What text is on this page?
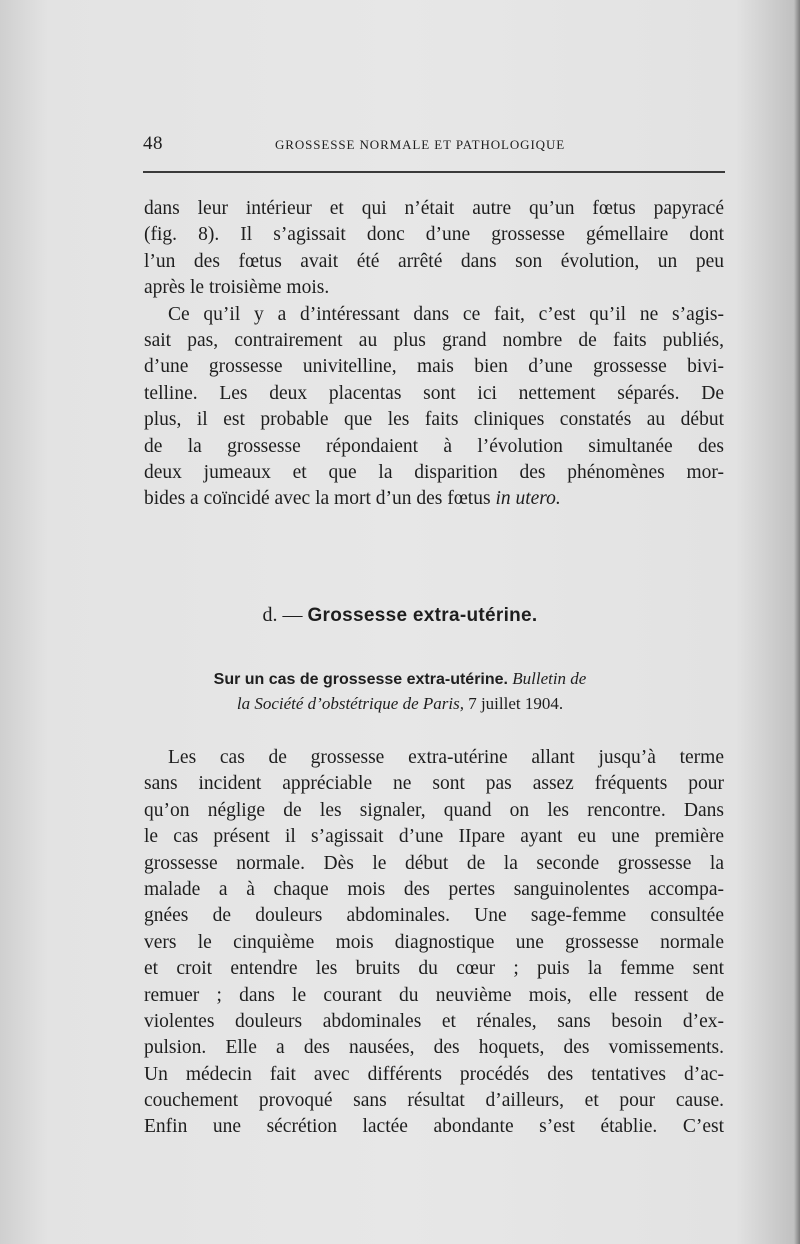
48	GROSSESSE NORMALE ET PATHOLOGIQUE
dans leur intérieur et qui n’était autre qu’un fœtus papyracé
(fig. 8). Il s’agissait donc d’une grossesse gémellaire dont
l’un des fœtus avait été arrêté dans son évolution, un peu
après le troisième mois.
Ce qu’il y a d’intéressant dans ce fait, c’est qu’il ne s’agis-
sait pas, contrairement au plus grand nombre de faits publiés,
d’une grossesse univitelline, mais bien d’une grossesse bivi-
telline. Les deux placentas sont ici nettement séparés. De
plus, il est probable que les faits cliniques constatés au début
de la grossesse répondaient à l’évolution simultanée des
deux jumeaux et que la disparition des phénomènes mor-
bides a coïncidé avec la mort d’un des fœtus in utero.
d. — Grossesse extra-utérine.
Sur un cas de grossesse extra-utérine. Bulletin de
la Société d’obstétrique de Paris, 7 juillet 1904.
Les cas de grossesse extra-utérine allant jusqu’à terme
sans incident appréciable ne sont pas assez fréquents pour
qu’on néglige de les signaler, quand on les rencontre. Dans
le cas présent il s’agissait d’une IIpare ayant eu une première
grossesse normale. Dès le début de la seconde grossesse la
malade a à chaque mois des pertes sanguinolentes accompa-
gnées de douleurs abdominales. Une sage-femme consultée
vers le cinquième mois diagnostique une grossesse normale
et croit entendre les bruits du cœur ; puis la femme sent
remuer ; dans le courant du neuvième mois, elle ressent de
violentes douleurs abdominales et rénales, sans besoin d’ex-
pulsion. Elle a des nausées, des hoquets, des vomissements.
Un médecin fait avec différents procédés des tentatives d’ac-
couchement provoqué sans résultat d’ailleurs, et pour cause.
Enfin une sécrétion lactée abondante s’est établie. C’est
